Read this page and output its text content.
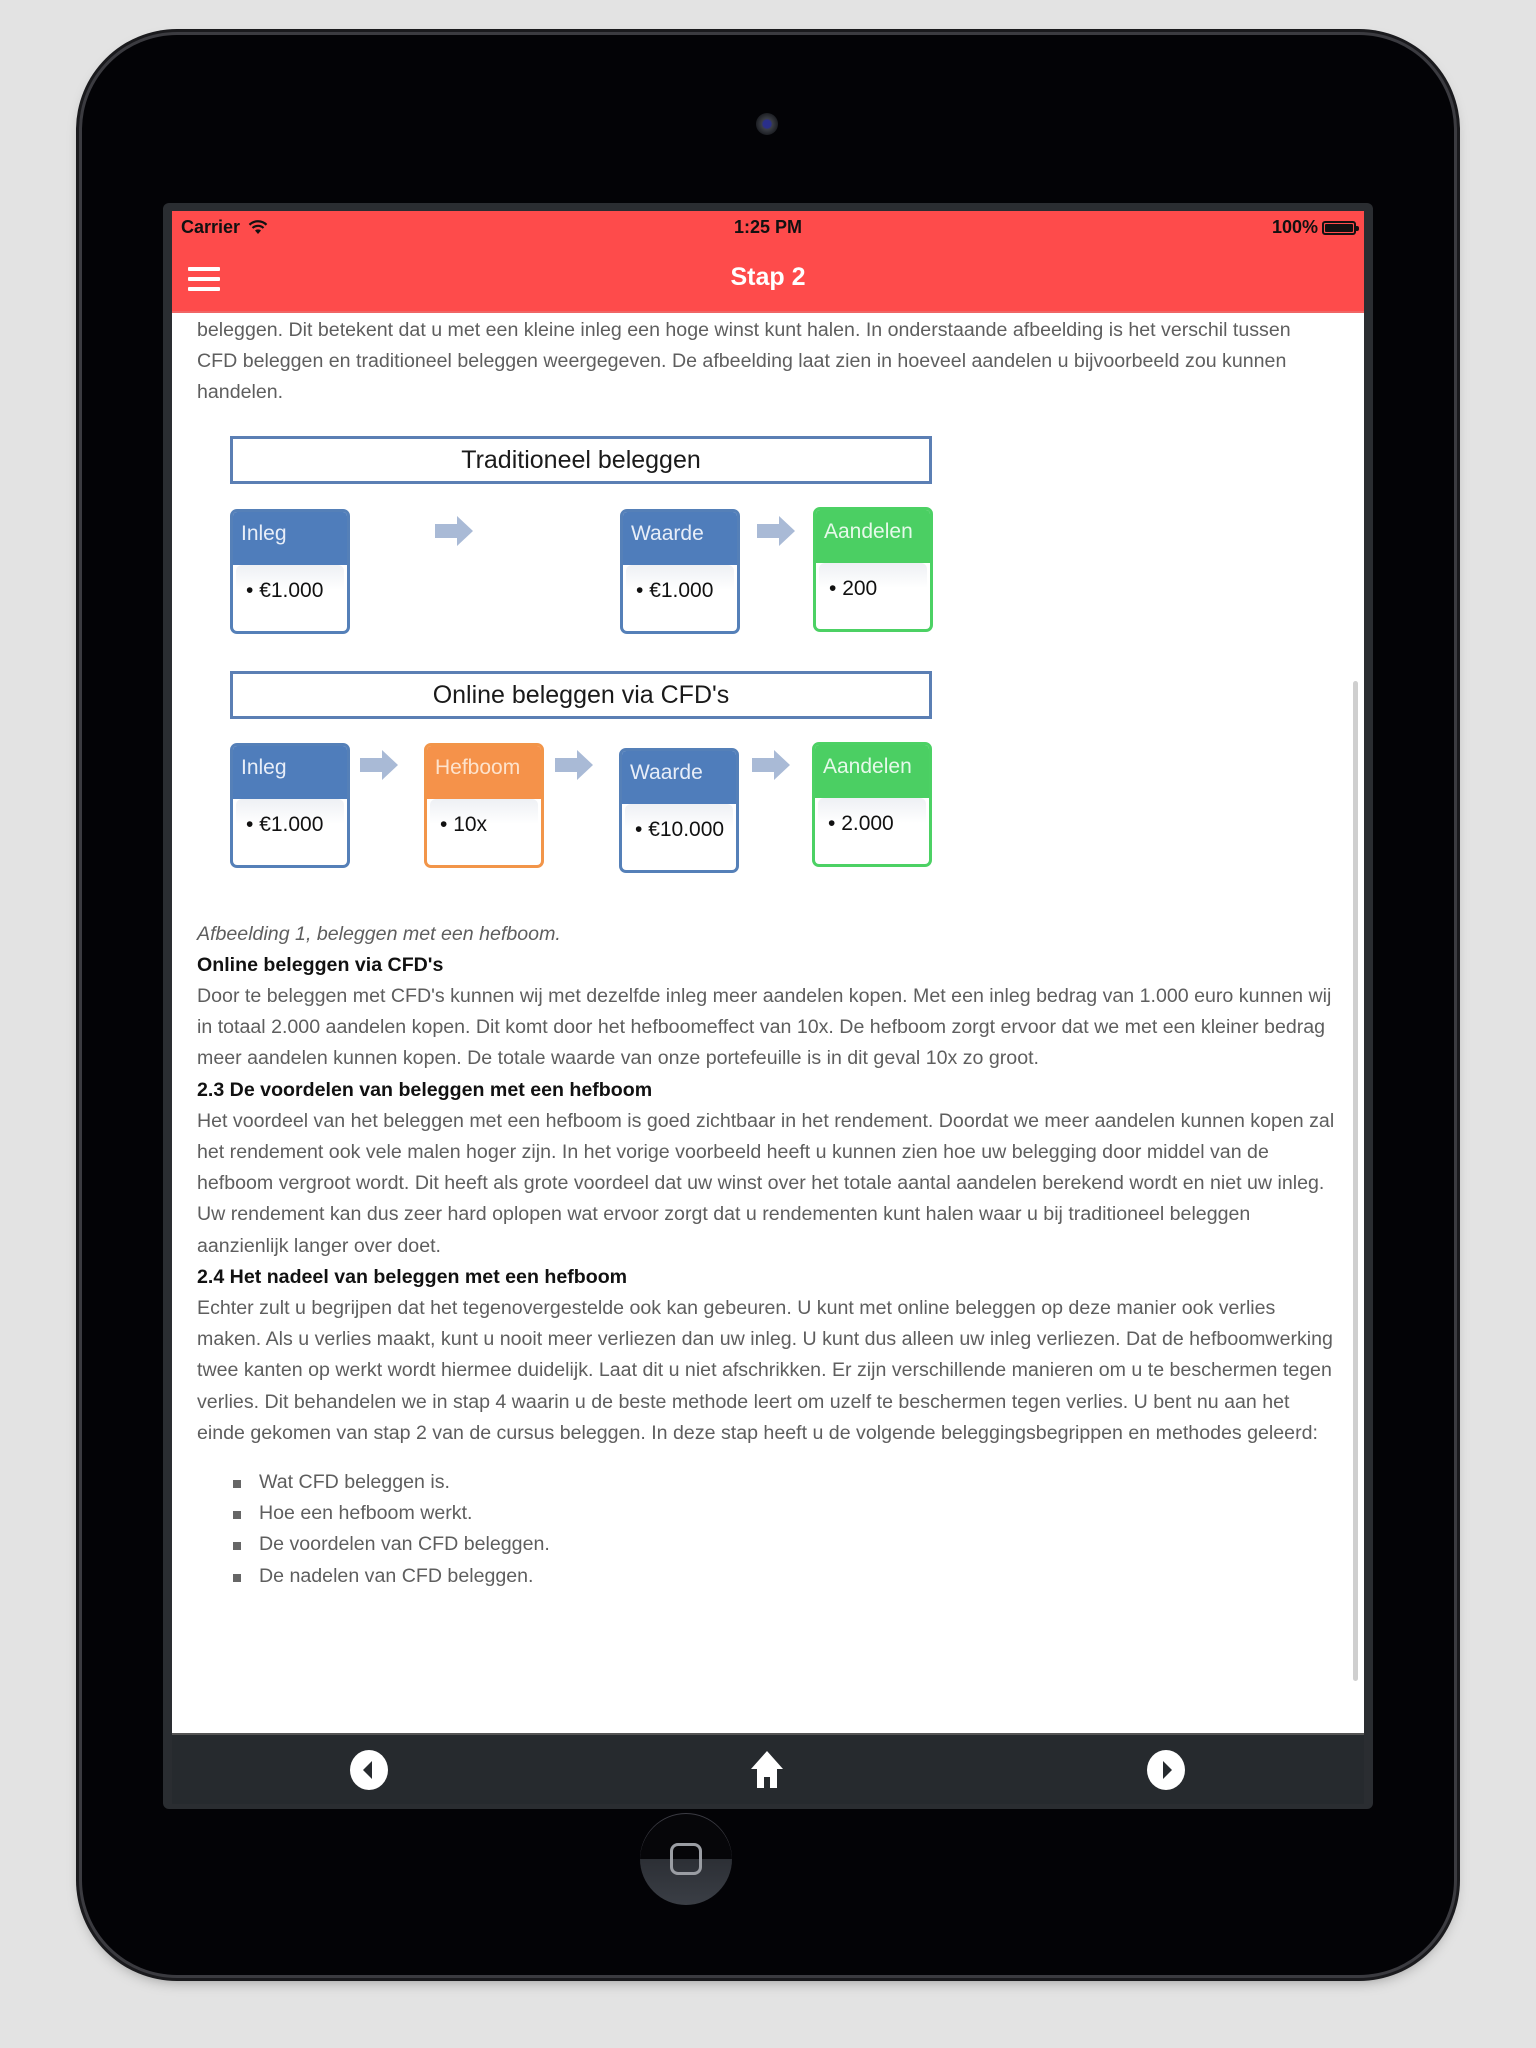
Carrier	1:25 PM	100%
Stap 2

beleggen. Dit betekent dat u met een kleine inleg een hoge winst kunt halen. In onderstaande afbeelding is het verschil tussen CFD beleggen en traditioneel beleggen weergegeven. De afbeelding laat zien in hoeveel aandelen u bijvoorbeeld zou kunnen handelen.

Traditioneel beleggen
Inleg
• €1.000
Waarde
• €1.000
Aandelen
• 200
Online beleggen via CFD's
Inleg
• €1.000
Hefboom
• 10x
Waarde
• €10.000
Aandelen
• 2.000

Afbeelding 1, beleggen met een hefboom.

Online beleggen via CFD's

Door te beleggen met CFD's kunnen wij met dezelfde inleg meer aandelen kopen. Met een inleg bedrag van 1.000 euro kunnen wij in totaal 2.000 aandelen kopen. Dit komt door het hefboomeffect van 10x. De hefboom zorgt ervoor dat we met een kleiner bedrag meer aandelen kunnen kopen. De totale waarde van onze portefeuille is in dit geval 10x zo groot.

2.3 De voordelen van beleggen met een hefboom

Het voordeel van het beleggen met een hefboom is goed zichtbaar in het rendement. Doordat we meer aandelen kunnen kopen zal het rendement ook vele malen hoger zijn. In het vorige voorbeeld heeft u kunnen zien hoe uw belegging door middel van de hefboom vergroot wordt. Dit heeft als grote voordeel dat uw winst over het totale aantal aandelen berekend wordt en niet uw inleg. Uw rendement kan dus zeer hard oplopen wat ervoor zorgt dat u rendementen kunt halen waar u bij traditioneel beleggen aanzienlijk langer over doet.

2.4 Het nadeel van beleggen met een hefboom

Echter zult u begrijpen dat het tegenovergestelde ook kan gebeuren. U kunt met online beleggen op deze manier ook verlies maken. Als u verlies maakt, kunt u nooit meer verliezen dan uw inleg. U kunt dus alleen uw inleg verliezen. Dat de hefboomwerking twee kanten op werkt wordt hiermee duidelijk. Laat dit u niet afschrikken. Er zijn verschillende manieren om u te beschermen tegen verlies. Dit behandelen we in stap 4 waarin u de beste methode leert om uzelf te beschermen tegen verlies. U bent nu aan het einde gekomen van stap 2 van de cursus beleggen. In deze stap heeft u de volgende beleggingsbegrippen en methodes geleerd:

Wat CFD beleggen is.
Hoe een hefboom werkt.
De voordelen van CFD beleggen.
De nadelen van CFD beleggen.
